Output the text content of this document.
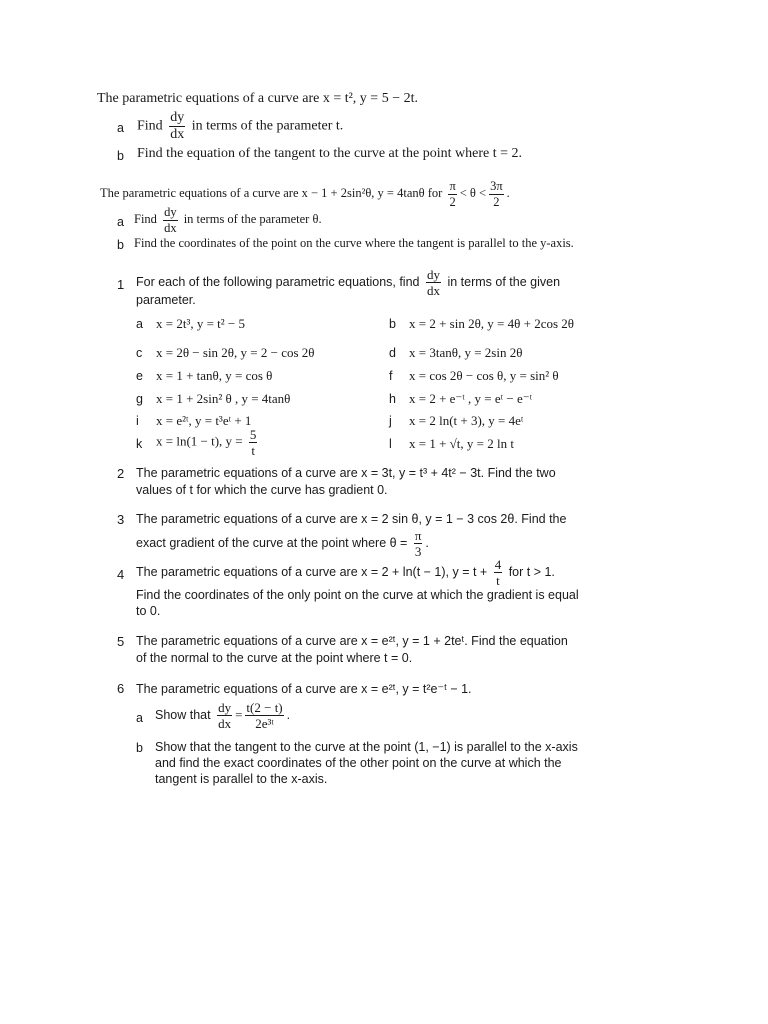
The parametric equations of a curve are x = t², y = 5 − 2t.
a Find $\frac{dy}{dx}$ in terms of the parameter t.
b Find the equation of the tangent to the curve at the point where t = 2.
The parametric equations of a curve are x − 1 + 2sin²θ, y = 4tanθ for $\frac{\pi}{2} < \theta < \frac{3\pi}{2}$ .
a Find $\frac{dy}{dx}$ in terms of the parameter θ.
b Find the coordinates of the point on the curve where the tangent is parallel to the y-axis.
1 For each of the following parametric equations, find $\frac{dy}{dx}$ in terms of the given
parameter.
a x = 2t³, y = t² − 5	b x = 2 + sin 2θ, y = 4θ + 2cos 2θ
c x = 2θ − sin 2θ, y = 2 − cos 2θ	d x = 3tanθ, y = 2sin 2θ
e x = 1 + tanθ, y = cos θ	f x = cos 2θ − cos θ, y = sin² θ
g x = 1 + 2sin² θ , y = 4tanθ	h x = 2 + e⁻ᵗ , y = eᵗ − e⁻ᵗ
i x = e²ᵗ, y = t³eᵗ + 1	j x = 2 ln(t + 3), y = 4eᵗ
k x = ln(1 − t), $y = \frac{5}{t}$	l x = 1 + √t, y = 2 ln t
2 The parametric equations of a curve are x = 3t, y = t³ + 4t² − 3t. Find the two
values of t for which the curve has gradient 0.
3 The parametric equations of a curve are x = 2 sin θ, y = 1 − 3 cos 2θ. Find the
exact gradient of the curve at the point where $\theta = \frac{\pi}{3}$ .
4 The parametric equations of a curve are x = 2 + ln(t − 1), $y = t + \frac{4}{t}$ for t > 1.
Find the coordinates of the only point on the curve at which the gradient is equal
to 0.
5 The parametric equations of a curve are x = e²ᵗ, y = 1 + 2teᵗ. Find the equation
of the normal to the curve at the point where t = 0.
6 The parametric equations of a curve are x = e²ᵗ, y = t²e⁻ᵗ − 1.
a Show that $\frac{dy}{dx} = \frac{t(2 - t)}{\text{2e³ᵗ}}$ .
b Show that the tangent to the curve at the point (1, −1) is parallel to the x-axis
and find the exact coordinates of the other point on the curve at which the
tangent is parallel to the x-axis.
